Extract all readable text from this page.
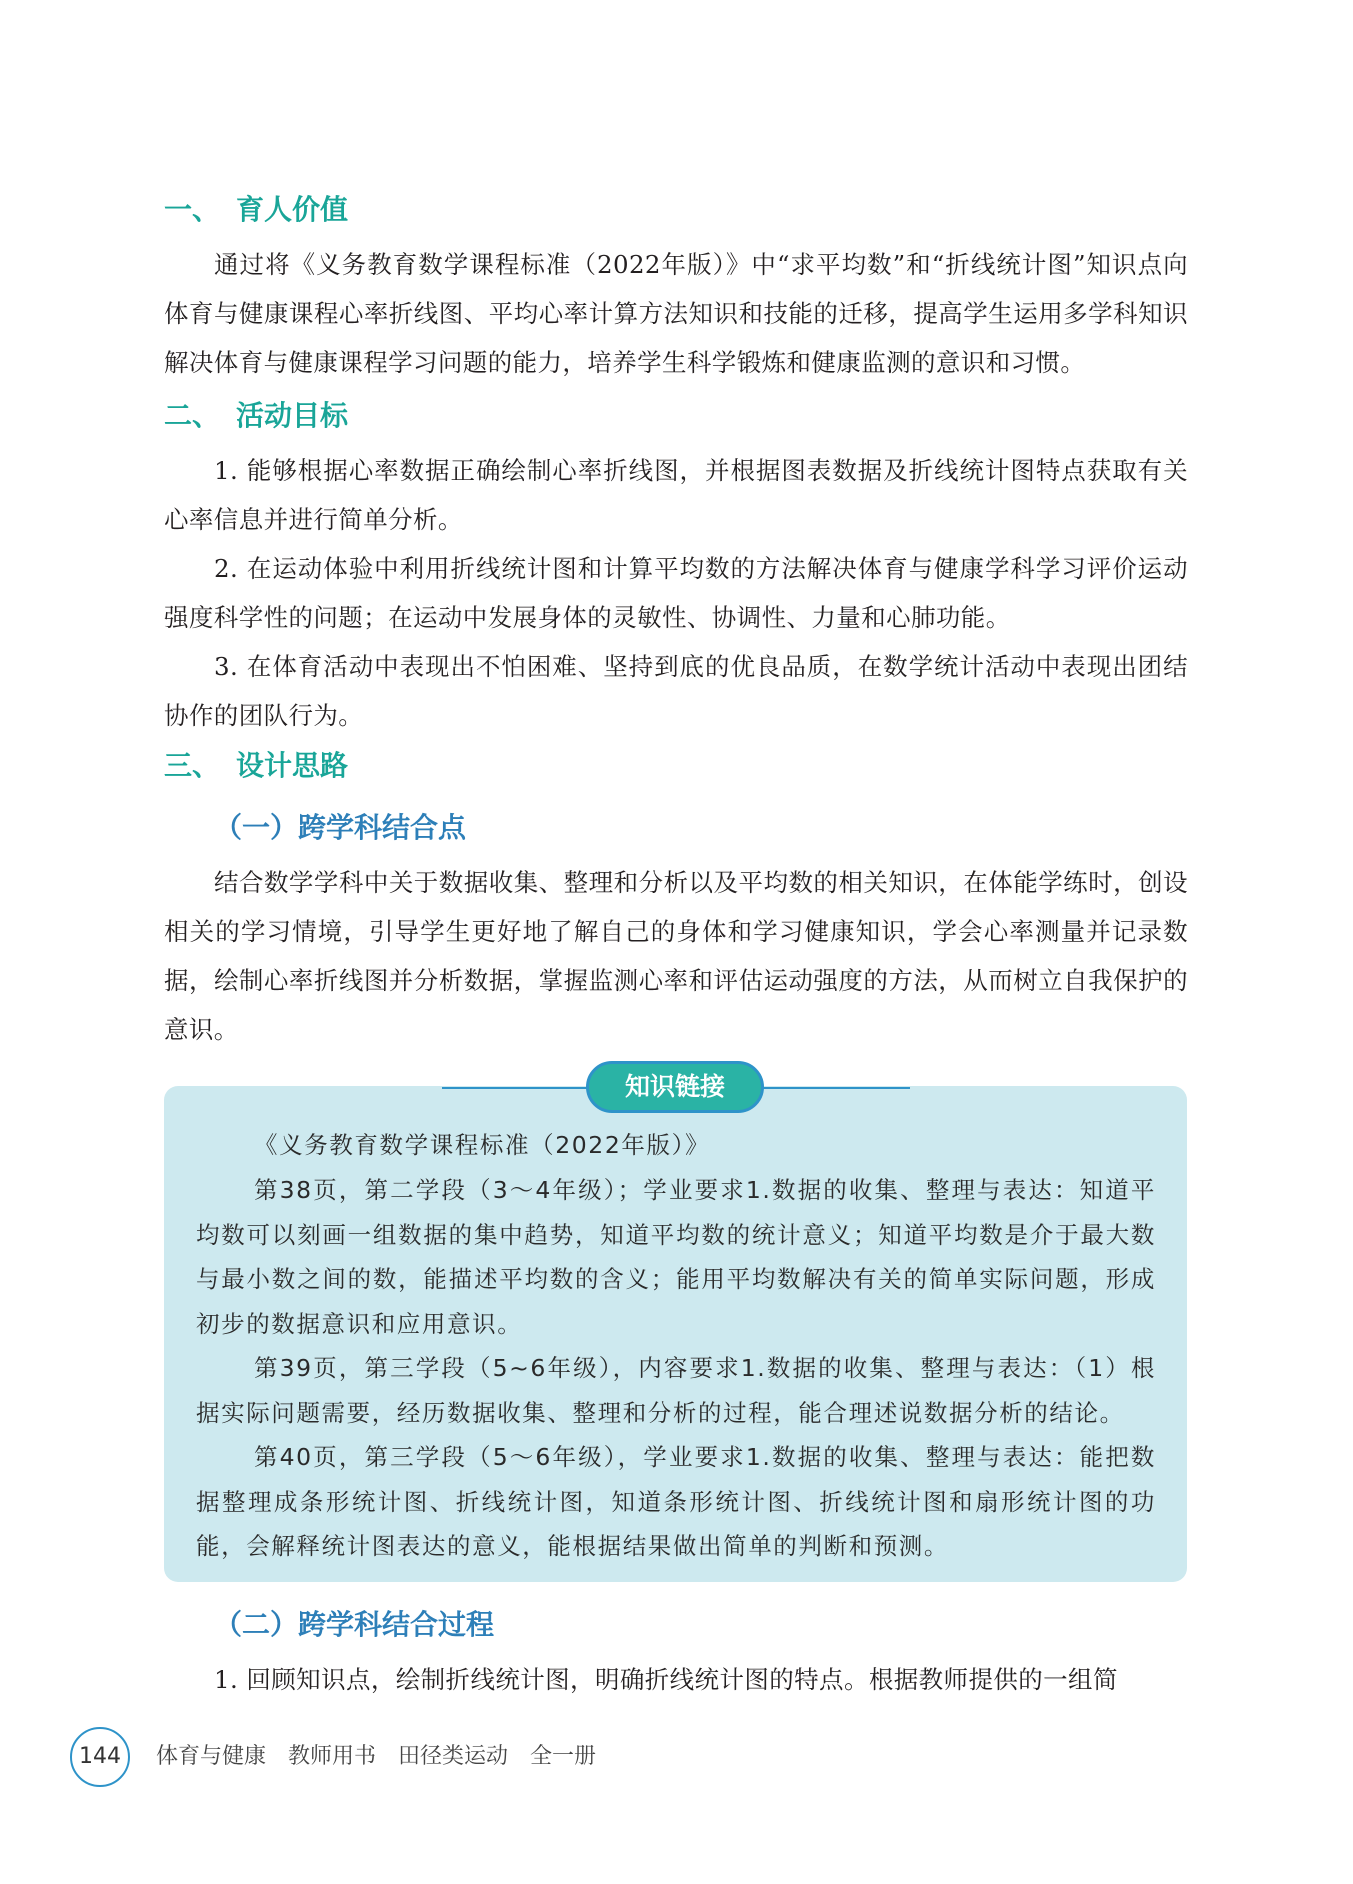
一、 育人价值

通过将《义务教育数学课程标准（2022年版）》中“求平均数”和“折线统计图”知识点向体育与健康课程心率折线图、平均心率计算方法知识和技能的迁移，提高学生运用多学科知识解决体育与健康课程学习问题的能力，培养学生科学锻炼和健康监测的意识和习惯。

二、 活动目标

1. 能够根据心率数据正确绘制心率折线图，并根据图表数据及折线统计图特点获取有关心率信息并进行简单分析。

2. 在运动体验中利用折线统计图和计算平均数的方法解决体育与健康学科学习评价运动强度科学性的问题；在运动中发展身体的灵敏性、协调性、力量和心肺功能。

3. 在体育活动中表现出不怕困难、坚持到底的优良品质，在数学统计活动中表现出团结协作的团队行为。

三、 设计思路
（一）跨学科结合点

结合数学学科中关于数据收集、整理和分析以及平均数的相关知识，在体能学练时，创设相关的学习情境，引导学生更好地了解自己的身体和学习健康知识，学会心率测量并记录数据，绘制心率折线图并分析数据，掌握监测心率和评估运动强度的方法，从而树立自我保护的意识。

知识链接

《义务教育数学课程标准（2022年版）》

第38页，第二学段（3～4年级）；学业要求1.数据的收集、整理与表达：知道平均数可以刻画一组数据的集中趋势，知道平均数的统计意义；知道平均数是介于最大数与最小数之间的数，能描述平均数的含义；能用平均数解决有关的简单实际问题，形成初步的数据意识和应用意识。

第39页，第三学段（5~6年级），内容要求1.数据的收集、整理与表达：（1）根据实际问题需要，经历数据收集、整理和分析的过程，能合理述说数据分析的结论。

第40页，第三学段（5～6年级），学业要求1.数据的收集、整理与表达：能把数据整理成条形统计图、折线统计图，知道条形统计图、折线统计图和扇形统计图的功能，会解释统计图表达的意义，能根据结果做出简单的判断和预测。

（二）跨学科结合过程

1. 回顾知识点，绘制折线统计图，明确折线统计图的特点。根据教师提供的一组简

144	体育与健康 教师用书 田径类运动 全一册
